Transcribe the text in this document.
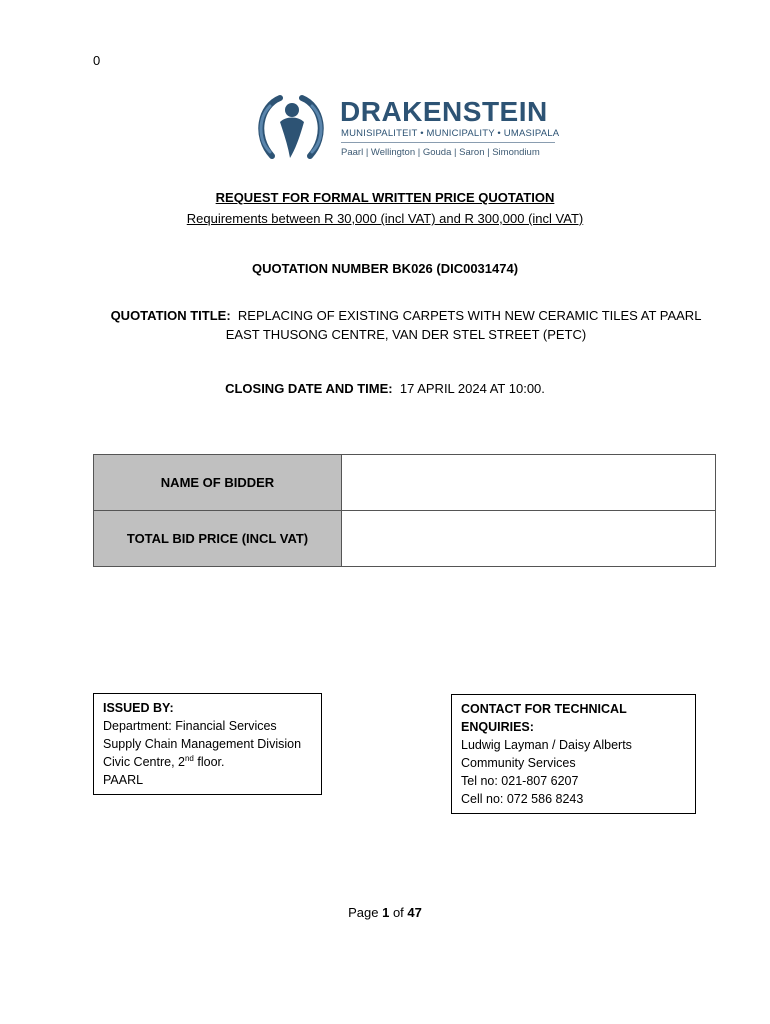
0
DRAKENSTEIN
MUNISIPALITEIT • MUNICIPALITY • UMASIPALA
Paarl | Wellington | Gouda | Saron | Simondium
REQUEST FOR FORMAL WRITTEN PRICE QUOTATION
Requirements between R 30,000 (incl VAT) and R 300,000 (incl VAT)
QUOTATION NUMBER BK026 (DIC0031474)
QUOTATION TITLE: REPLACING OF EXISTING CARPETS WITH NEW CERAMIC TILES AT PAARL EAST THUSONG CENTRE, VAN DER STEL STREET (PETC)
CLOSING DATE AND TIME: 17 APRIL 2024 AT 10:00.
NAME OF BIDDER	
TOTAL BID PRICE (INCL VAT)	
ISSUED BY:
Department: Financial Services
Supply Chain Management Division
Civic Centre, 2nd floor.
PAARL
CONTACT FOR TECHNICAL ENQUIRIES:
Ludwig Layman / Daisy Alberts
Community Services
Tel no: 021-807 6207
Cell no: 072 586 8243
Page 1 of 47
